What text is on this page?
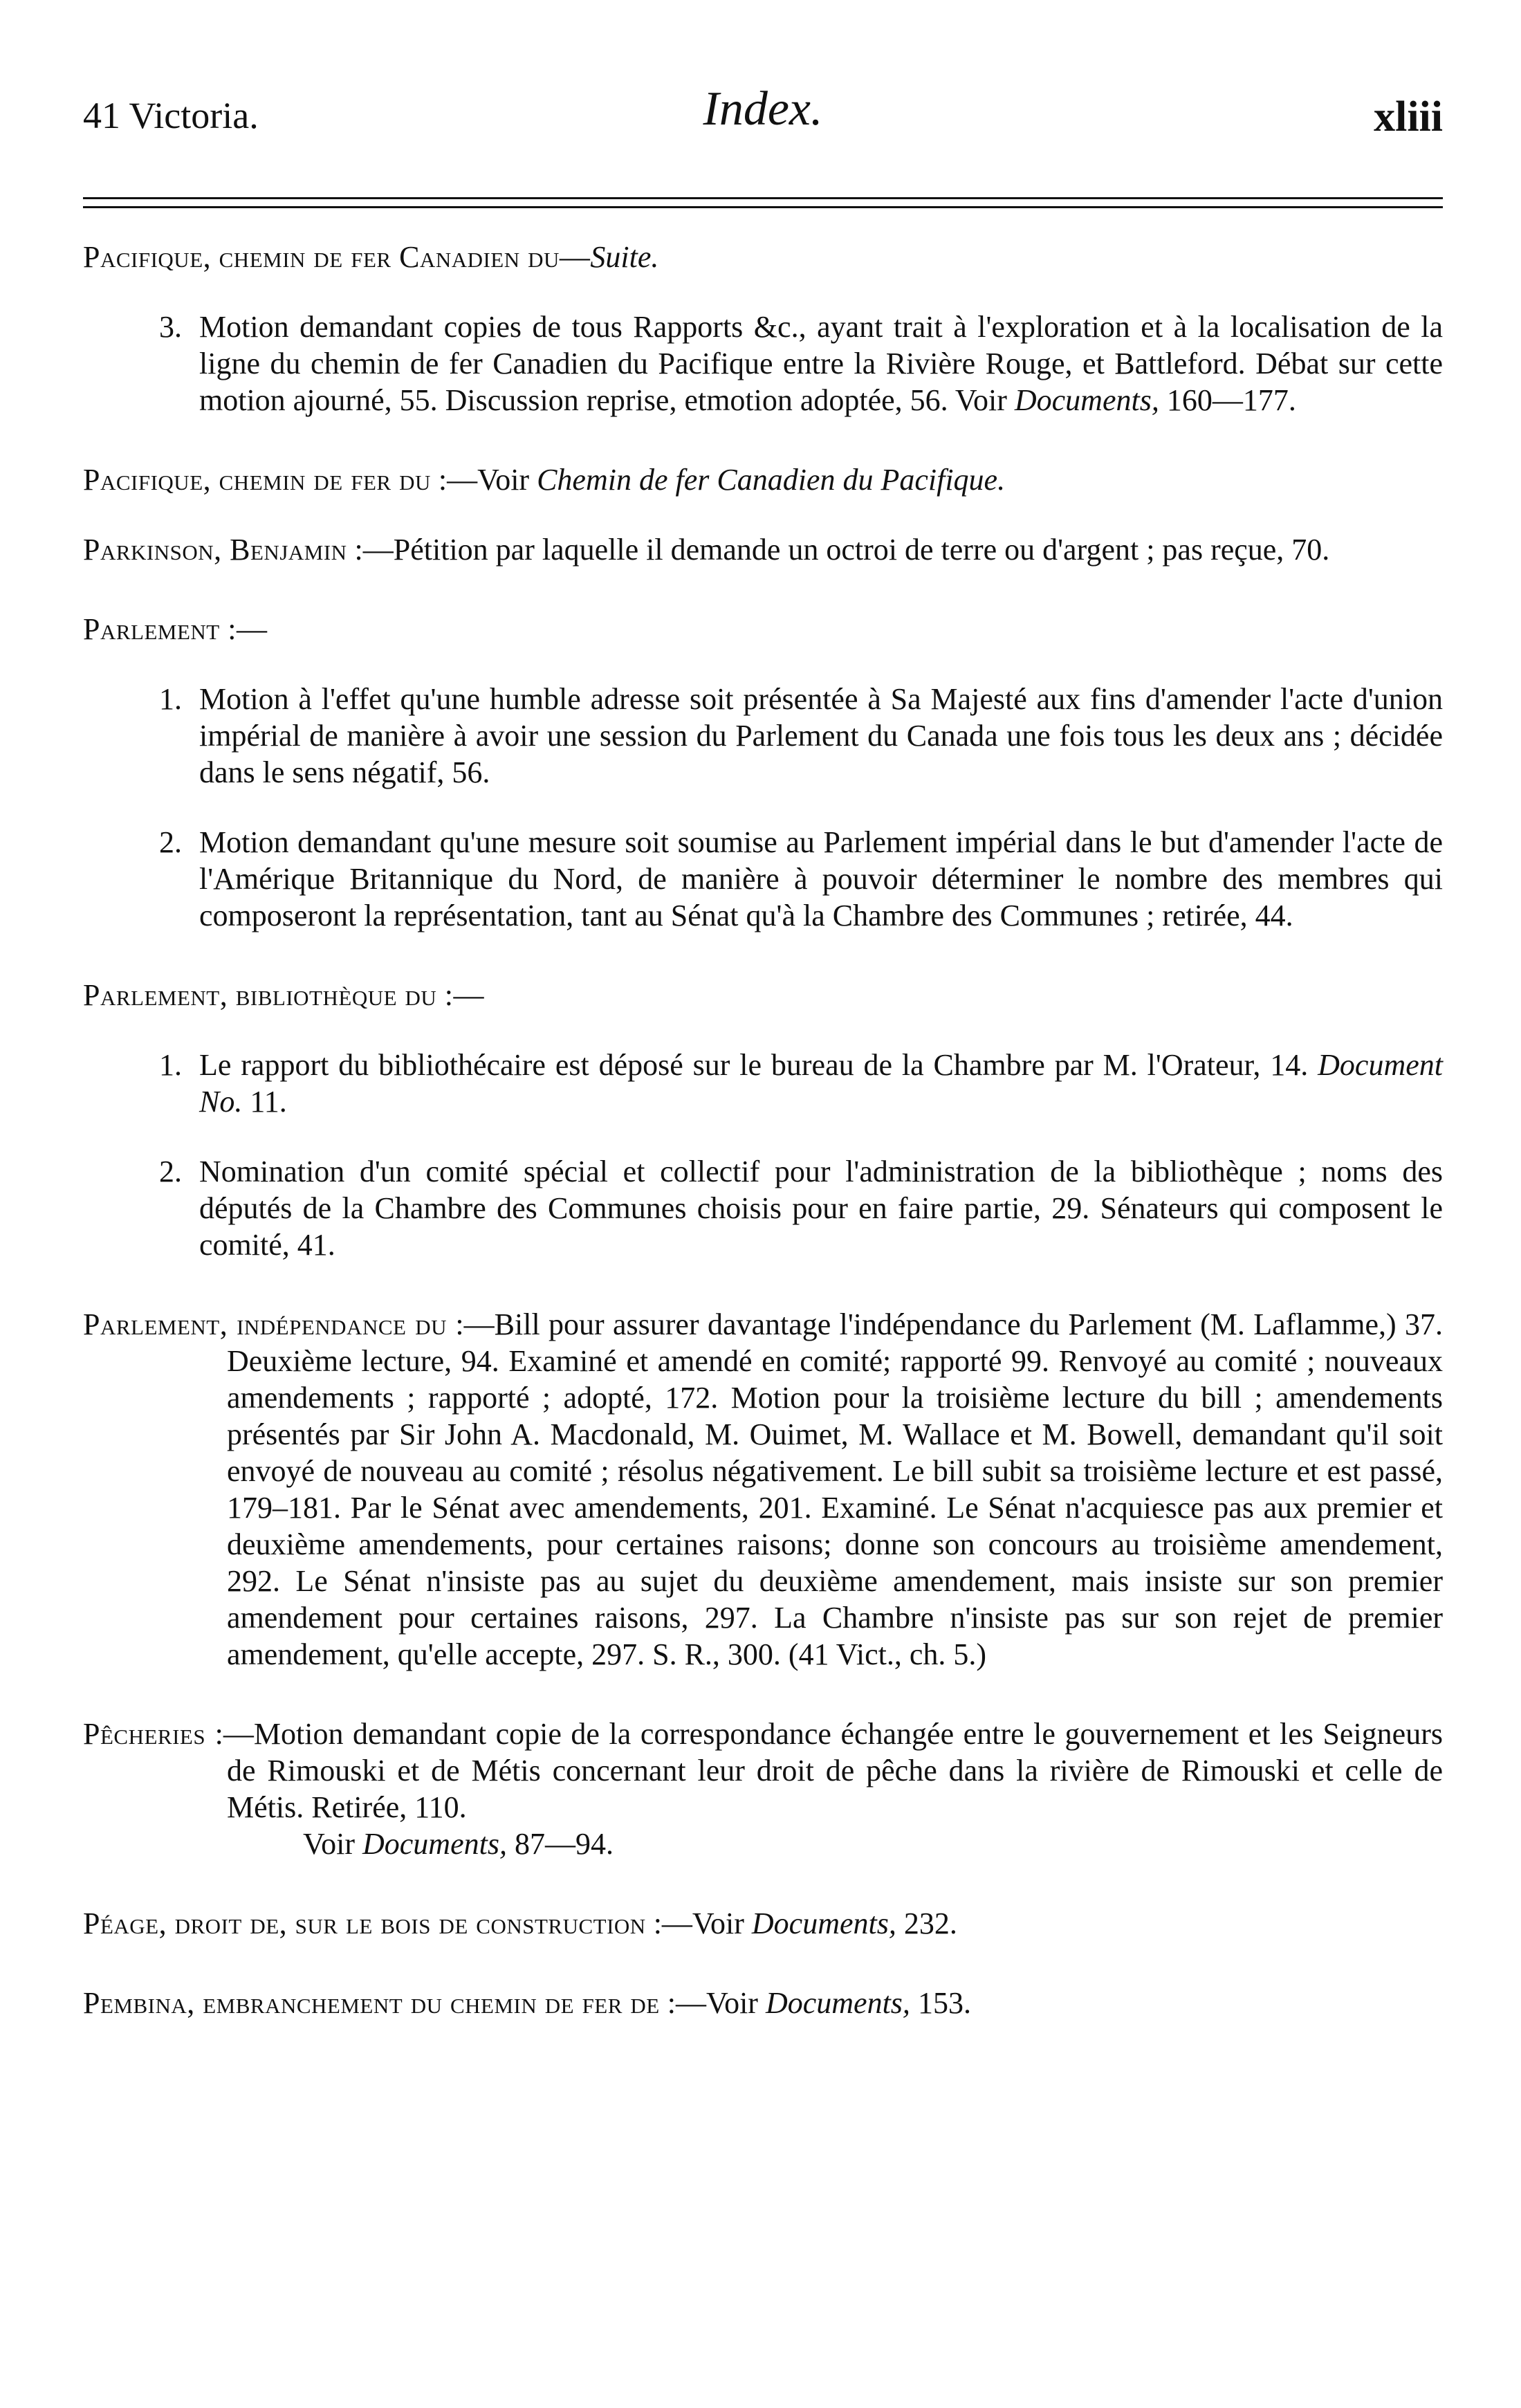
41 Victoria.	Index.	xliii
Pacifique, chemin de fer Canadien du—Suite.
3. Motion demandant copies de tous Rapports &c., ayant trait à l'exploration et à la localisation de la ligne du chemin de fer Canadien du Pacifique entre la Rivière Rouge, et Battleford. Débat sur cette motion ajourné, 55. Discussion reprise, etmotion adoptée, 56. Voir Documents, 160—177.
Pacifique, chemin de fer du :—Voir Chemin de fer Canadien du Pacifique.
Parkinson, Benjamin :—Pétition par laquelle il demande un octroi de terre ou d'argent ; pas reçue, 70.
Parlement :—
1. Motion à l'effet qu'une humble adresse soit présentée à Sa Majesté aux fins d'amender l'acte d'union impérial de manière à avoir une session du Parlement du Canada une fois tous les deux ans ; décidée dans le sens négatif, 56.
2. Motion demandant qu'une mesure soit soumise au Parlement impérial dans le but d'amender l'acte de l'Amérique Britannique du Nord, de manière à pouvoir déterminer le nombre des membres qui composeront la représentation, tant au Sénat qu'à la Chambre des Communes ; retirée, 44.
Parlement, bibliothèque du :—
1. Le rapport du bibliothécaire est déposé sur le bureau de la Chambre par M. l'Orateur, 14. Document No. 11.
2. Nomination d'un comité spécial et collectif pour l'administration de la bibliothèque ; noms des députés de la Chambre des Communes choisis pour en faire partie, 29. Sénateurs qui composent le comité, 41.
Parlement, indépendance du :—Bill pour assurer davantage l'indépendance du Parlement (M. Laflamme,) 37. Deuxième lecture, 94. Examiné et amendé en comité; rapporté 99. Renvoyé au comité ; nouveaux amendements ; rapporté ; adopté, 172. Motion pour la troisième lecture du bill ; amendements présentés par Sir John A. Macdonald, M. Ouimet, M. Wallace et M. Bowell, demandant qu'il soit envoyé de nouveau au comité ; résolus négativement. Le bill subit sa troisième lecture et est passé, 179–181. Par le Sénat avec amendements, 201. Examiné. Le Sénat n'acquiesce pas aux premier et deuxième amendements, pour certaines raisons; donne son concours au troisième amendement, 292. Le Sénat n'insiste pas au sujet du deuxième amendement, mais insiste sur son premier amendement pour certaines raisons, 297. La Chambre n'insiste pas sur son rejet de premier amendement, qu'elle accepte, 297. S. R., 300. (41 Vict., ch. 5.)
Pêcheries :—Motion demandant copie de la correspondance échangée entre le gouvernement et les Seigneurs de Rimouski et de Métis concernant leur droit de pêche dans la rivière de Rimouski et celle de Métis. Retirée, 110.
Voir Documents, 87—94.
Péage, droit de, sur le bois de construction :—Voir Documents, 232.
Pembina, embranchement du chemin de fer de :—Voir Documents, 153.
